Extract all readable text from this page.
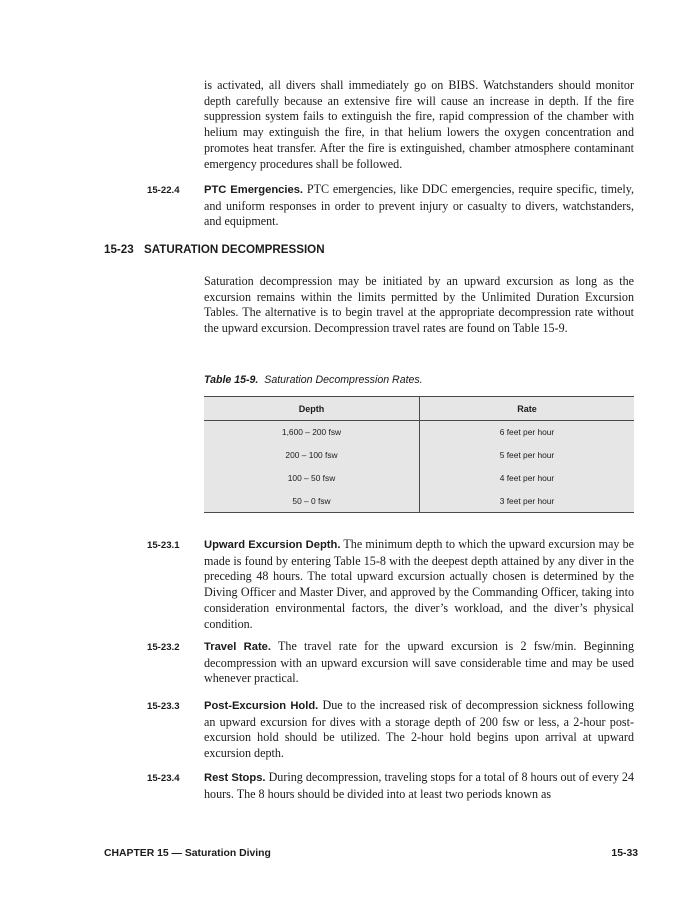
is activated, all divers shall immediately go on BIBS. Watchstanders should monitor depth carefully because an extensive fire will cause an increase in depth. If the fire suppression system fails to extinguish the fire, rapid compression of the chamber with helium may extinguish the fire, in that helium lowers the oxygen concentration and promotes heat transfer. After the fire is extinguished, chamber atmosphere contaminant emergency procedures shall be followed.

15-22.4 PTC Emergencies. PTC emergencies, like DDC emergencies, require specific, timely, and uniform responses in order to prevent injury or casualty to divers, watchstanders, and equipment.

15-23 SATURATION DECOMPRESSION

Saturation decompression may be initiated by an upward excursion as long as the excursion remains within the limits permitted by the Unlimited Duration Excursion Tables. The alternative is to begin travel at the appropriate decompression rate without the upward excursion. Decompression travel rates are found on Table 15-9.

Table 15-9. Saturation Decompression Rates.
Depth	Rate
1,600 – 200 fsw	6 feet per hour
200 – 100 fsw	5 feet per hour
100 – 50 fsw	4 feet per hour
50 – 0 fsw	3 feet per hour
15-23.1 Upward Excursion Depth. The minimum depth to which the upward excursion may be made is found by entering Table 15-8 with the deepest depth attained by any diver in the preceding 48 hours. The total upward excursion actually chosen is determined by the Diving Officer and Master Diver, and approved by the Commanding Officer, taking into consideration environmental factors, the diver’s workload, and the diver’s physical condition.

15-23.2 Travel Rate. The travel rate for the upward excursion is 2 fsw/min. Beginning decompression with an upward excursion will save considerable time and may be used whenever practical.

15-23.3 Post-Excursion Hold. Due to the increased risk of decompression sickness following an upward excursion for dives with a storage depth of 200 fsw or less, a 2-hour post-excursion hold should be utilized. The 2-hour hold begins upon arrival at upward excursion depth.

15-23.4 Rest Stops. During decompression, traveling stops for a total of 8 hours out of every 24 hours. The 8 hours should be divided into at least two periods known as

CHAPTER 15 — Saturation Diving	15-33
